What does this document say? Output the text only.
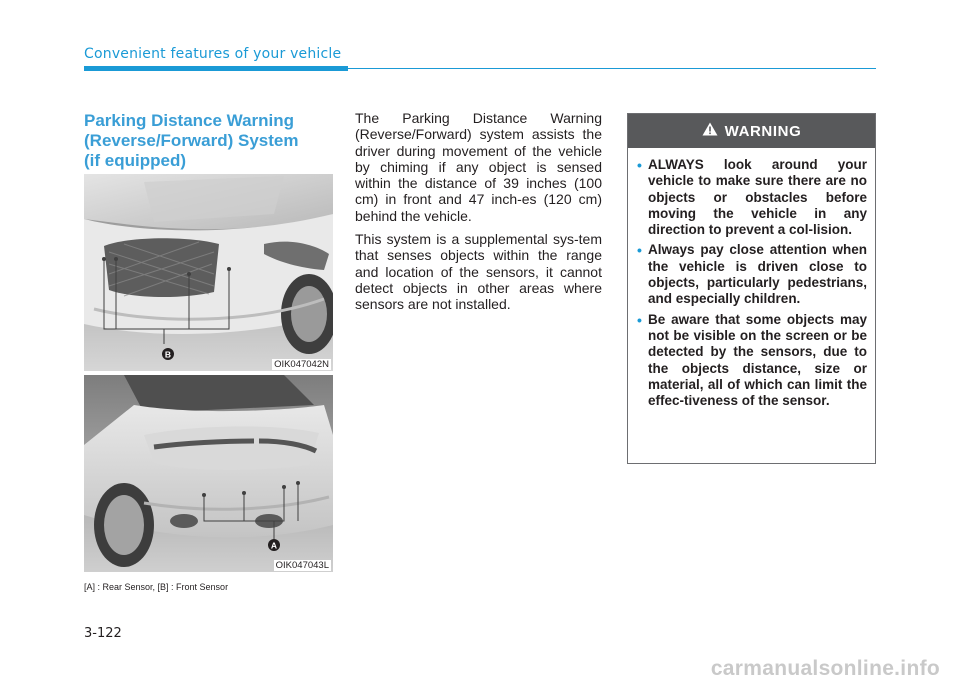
Convenient features of your vehicle
Parking Distance Warning
(Reverse/Forward) System
(if equipped)
B
OIK047042N
A
OIK047043L
[A] : Rear Sensor, [B] : Front Sensor

The Parking Distance Warning (Reverse/Forward) system assists the driver during movement of the vehicle by chiming if any object is sensed within the distance of 39 inches (100 cm) in front and 47 inch-es (120 cm) behind the vehicle.

This system is a supplemental sys-tem that senses objects within the range and location of the sensors, it cannot detect objects in other areas where sensors are not installed.

WARNING
• ALWAYS look around your vehicle to make sure there are no objects or obstacles before moving the vehicle in any direction to prevent a col-lision.
• Always pay close attention when the vehicle is driven close to objects, particularly pedestrians, and especially children.
• Be aware that some objects may not be visible on the screen or be detected by the sensors, due to the objects distance, size or material, all of which can limit the effec-tiveness of the sensor.
3-122
carmanualsonline.info
